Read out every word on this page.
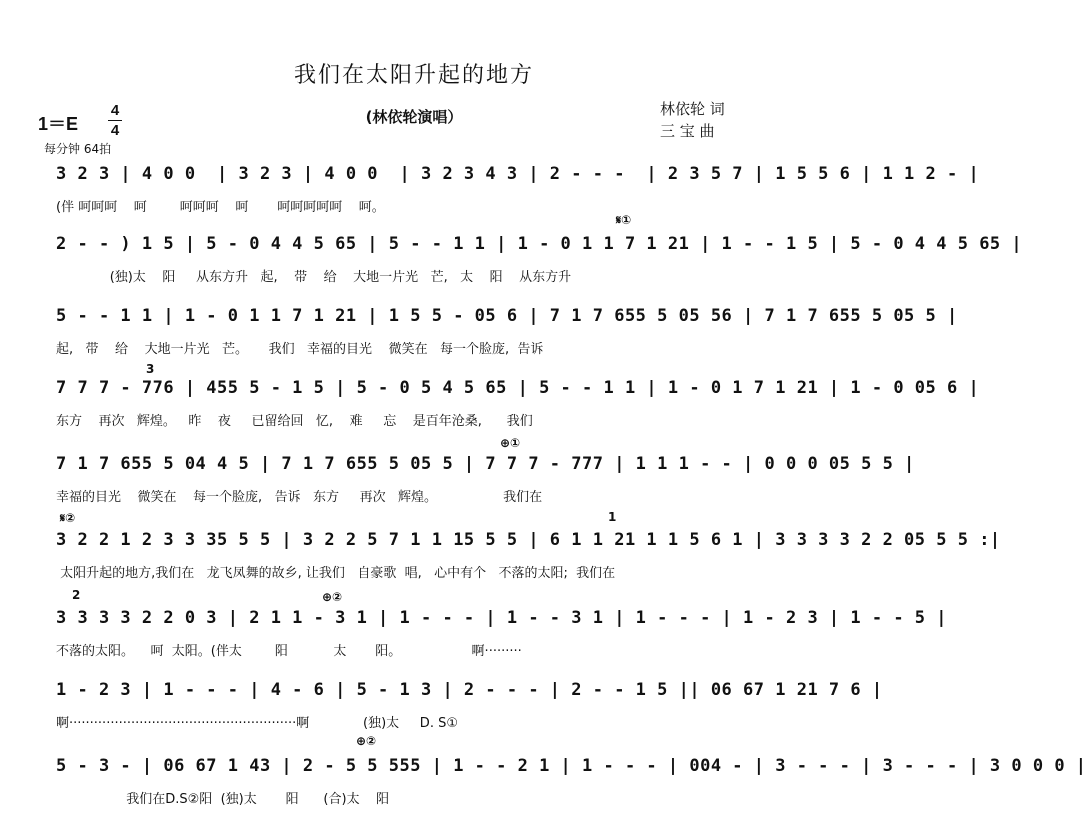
我们在太阳升起的地方
1＝E
4
4
每分钟 64拍
(林依轮演唱）	林依轮 词
三 宝 曲
3 2 3 | 4 0 0  | 3 2 3 | 4 0 0  | 3 2 3 4 3 | 2 - - -  | 2 3 5 7 | 1 5 5 6 | 1 1 2 - |
(伴 呵呵呵    呵        呵呵呵    呵       呵呵呵呵呵    呵。
2 - - ) 1 5 | 5 - 0 4 4 5 65 | 5 - - 1 1 | 1 - 0 1 1 7 1 21 | 1 - - 1 5 | 5 - 0 4 4 5 65 |
(独)太    阳     从东方升   起,    带    给    大地一片光   芒,   太    阳    从东方升
5 - - 1 1 | 1 - 0 1 1 7 1 21 | 1 5 5 - 05 6 | 7 1 7 655 5 05 56 | 7 1 7 655 5 05 5 |
起,   带    给    大地一片光   芒。     我们   幸福的目光    微笑在   每一个脸庞,  告诉
7 7 7 - 776 | 455 5 - 1 5 | 5 - 0 5 4 5 65 | 5 - - 1 1 | 1 - 0 1 7 1 21 | 1 - 0 05 6 |
东方    再次   辉煌。   昨    夜     已留给回   忆,    难     忘    是百年沧桑,      我们
7 1 7 655 5 04 4 5 | 7 1 7 655 5 05 5 | 7 7 7 - 777 | 1 1 1 - - | 0 0 0 05 5 5 |
幸福的目光    微笑在    每一个脸庞,   告诉   东方     再次   辉煌。                我们在
3 2 2 1 2 3 3 35 5 5 | 3 2 2 5 7 1 1 15 5 5 | 6 1 1 21 1 1 5 6 1 | 3 3 3 3 2 2 05 5 5 :|
太阳升起的地方,我们在   龙飞凤舞的故乡, 让我们   自豪歌  唱,   心中有个   不落的太阳;  我们在
3 3 3 3 2 2 0 3 | 2 1 1 - 3 1 | 1 - - - | 1 - - 3 1 | 1 - - - | 1 - 2 3 | 1 - - 5 |
不落的太阳。    呵  太阳。(伴太        阳           太       阳。                 啊·········
1 - 2 3 | 1 - - - | 4 - 6 | 5 - 1 3 | 2 - - - | 2 - - 1 5 || 06 67 1 21 7 6 |
啊·······················································啊             (独)太     D. S①
5 - 3 - | 06 67 1 43 | 2 - 5 5 555 | 1 - - 2 1 | 1 - - - | 004 - | 3 - - - | 3 - - - | 3 0 0 0 |
我们在D.S②阳  (独)太       阳      (合)太    阳
𝄋①
⊕①
𝄋②	1
2	⊕②
⊕②
3
